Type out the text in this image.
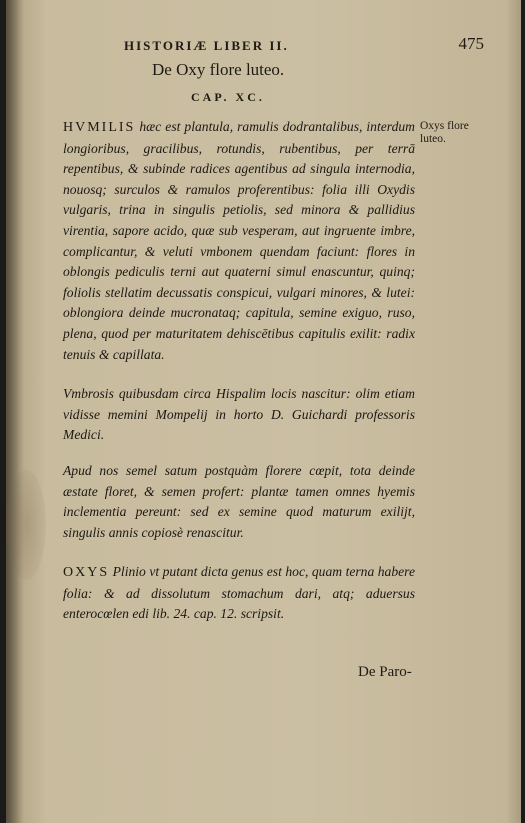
HISTORIÆ LIBER II.	475
De Oxy flore luteo.
CAP. XC.
Oxys flore luteo.
HVMILIS hæc est plantula, ramulis dodrantalibus, interdum longioribus, gracilibus, rotundis, rubentibus, per terrā repentibus, & subinde radices agentibus ad singula internodia, nouosq; surculos & ramulos proferentibus: folia illi Oxydis vulgaris, trina in singulis petiolis, sed minora & pallidius virentia, sapore acido, quæ sub vesperam, aut ingruente imbre, complicantur, & veluti vmbonem quendam faciunt: flores in oblongis pediculis terni aut quaterni simul enascuntur, quinq; foliolis stellatim decussatis conspicui, vulgari minores, & lutei: oblongiora deinde mucronataq; capitula, semine exiguo, ruso, plena, quod per maturitatem dehiscētibus capitulis exilit: radix tenuis & capillata.
Vmbrosis quibusdam circa Hispalim locis nascitur: olim etiam vidisse memini Mompelij in horto D. Guichardi professoris Medici.
Apud nos semel satum postquàm florere cœpit, tota deinde æstate floret, & semen profert: plantæ tamen omnes hyemis inclementia pereunt: sed ex semine quod maturum exilijt, singulis annis copiosè renascitur.
OXYS Plinio vt putant dicta genus est hoc, quam terna habere folia: & ad dissolutum stomachum dari, atq; aduersus enterocœlen edi lib. 24. cap. 12. scripsit.
De Paro-
